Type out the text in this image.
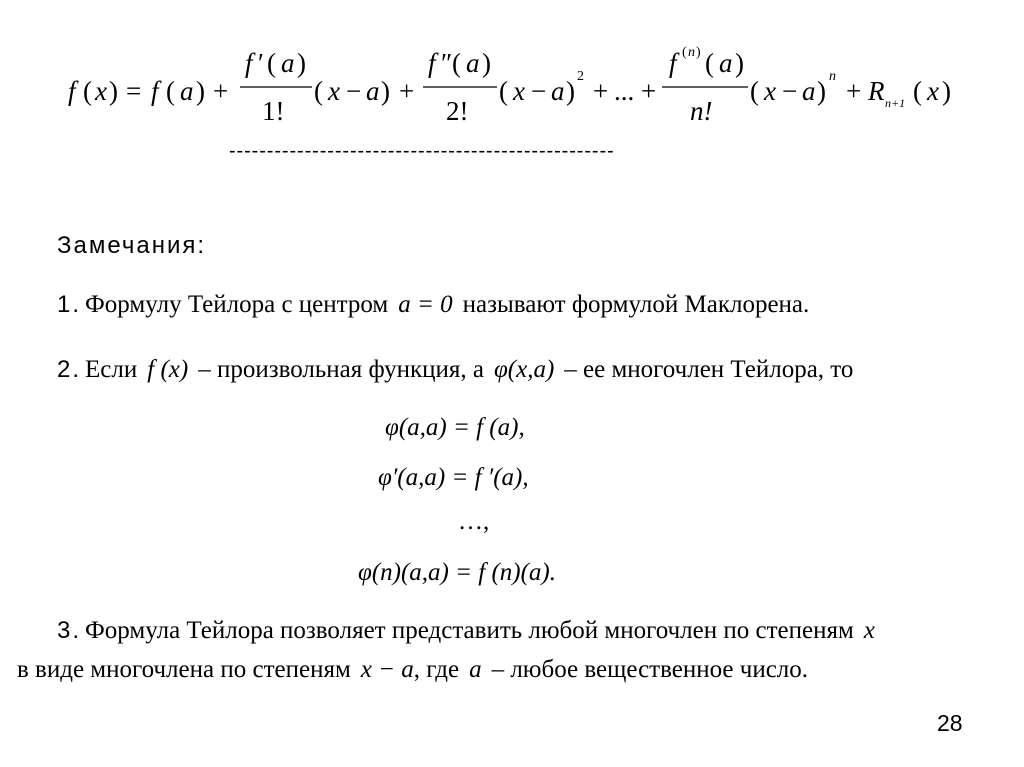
f ( x ) = f ( a ) +
f ′ ( a )
1!
( x − a ) +
f ″ ( a )
2!
( x − a ) 2 + ... +
f ( n ) ( a )
n!
( x − a ) n + R n+1 ( x )
---------------------------------------------------
Замечания:
1. Формулу Тейлора с центром a = 0 называют формулой Маклорена.
2. Если f (x) – произвольная функция, а φ(x,a) – ее многочлен Тейлора, то
φ(a,a) = f (a),
φ′(a,a) = f ′(a),
…,
φ(n)(a,a) = f (n)(a).
3. Формула Тейлора позволяет представить любой многочлен по степеням x
в виде многочлена по степеням x − a, где a – любое вещественное число.
28
